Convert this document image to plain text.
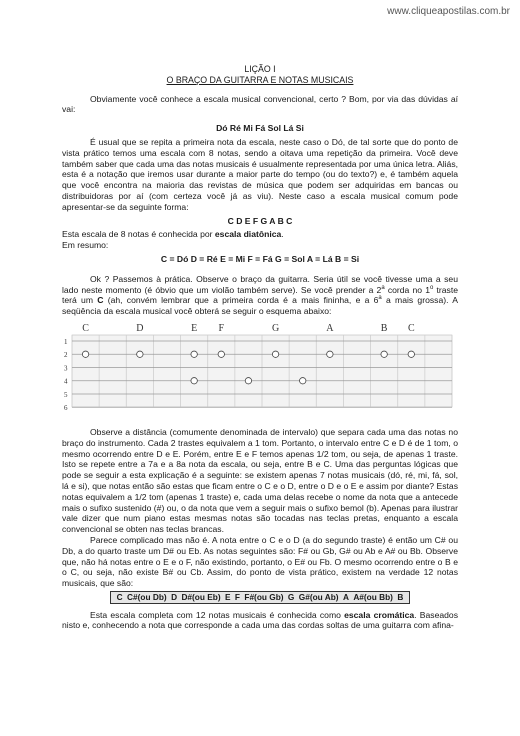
www.cliqueapostilas.com.br
LIÇÃO I
O BRAÇO DA GUITARRA E NOTAS MUSICAIS

Obviamente você conhece a escala musical convencional, certo ? Bom, por via das dúvidas aí vai:

Dó Ré Mi Fá Sol Lá Si

É usual que se repita a primeira nota da escala, neste caso o Dó, de tal sorte que do ponto de vista prático temos uma escala com 8 notas, sendo a oitava uma repetição da primeira. Você deve também saber que cada uma das notas musicais é usualmente representada por uma única letra. Aliás, esta é a notação que iremos usar durante a maior parte do tempo (ou do texto?) e, é também aquela que você encontra na maioria das revistas de música que podem ser adquiridas em bancas ou distribuidoras por aí (com certeza você já as viu). Neste caso a escala musical comum pode apresentar-se da seguinte forma:

C D E F G A B C

Esta escala de 8 notas é conhecida por escala diatônica.

Em resumo:

C = Dó D = Ré E = Mi F = Fá G = Sol A = Lá B = Si

Ok ? Passemos à prática. Observe o braço da guitarra. Seria útil se você tivesse uma a seu lado neste momento (é óbvio que um violão também serve). Se você prender a 2$^a$ corda no 1$^o$ traste terá um C (ah, convém lembrar que a primeira corda é a mais fininha, e a 6$^a$ a mais grossa). A seqüência da escala musical você obterá se seguir o esquema abaixo:

1
2
3
4
5
6
C	D	E F	G	A	B C

Observe a distância (comumente denominada de intervalo) que separa cada uma das notas no braço do instrumento. Cada 2 trastes equivalem a 1 tom. Portanto, o intervalo entre C e D é de 1 tom, o mesmo ocorrendo entre D e E. Porém, entre E e F temos apenas 1/2 tom, ou seja, de apenas 1 traste. Isto se repete entre a 7a e a 8a nota da escala, ou seja, entre B e C. Uma das perguntas lógicas que pode se seguir a esta explicação é a seguinte: se existem apenas 7 notas musicais (dó, ré, mi, fá, sol, lá e si), que notas então são estas que ficam entre o C e o D, entre o D e o E e assim por diante? Estas notas equivalem a 1/2 tom (apenas 1 traste) e, cada uma delas recebe o nome da nota que a antecede mais o sufixo sustenido (#) ou, o da nota que vem a seguir mais o sufixo bemol (b). Apenas para ilustrar vale dizer que num piano estas mesmas notas são tocadas nas teclas pretas, enquanto a escala convencional se obten nas teclas brancas.

Parece complicado mas não é. A nota entre o C e o D (a do segundo traste) é então um C# ou Db, a do quarto traste um D# ou Eb. As notas seguintes são: F# ou Gb, G# ou Ab e A# ou Bb. Observe que, não há notas entre o E e o F, não existindo, portanto, o E# ou Fb. O mesmo ocorrendo entre o B e o C, ou seja, não existe B# ou Cb. Assim, do ponto de vista prático, existem na verdade 12 notas musicais, que são:

C C#(ou Db) D D#(ou Eb) E F F#(ou Gb) G G#(ou Ab) A A#(ou Bb) B

Esta escala completa com 12 notas musicais é conhecida como escala cromática. Baseados nisto e, conhecendo a nota que corresponde a cada uma das cordas soltas de uma guitarra com afina-
